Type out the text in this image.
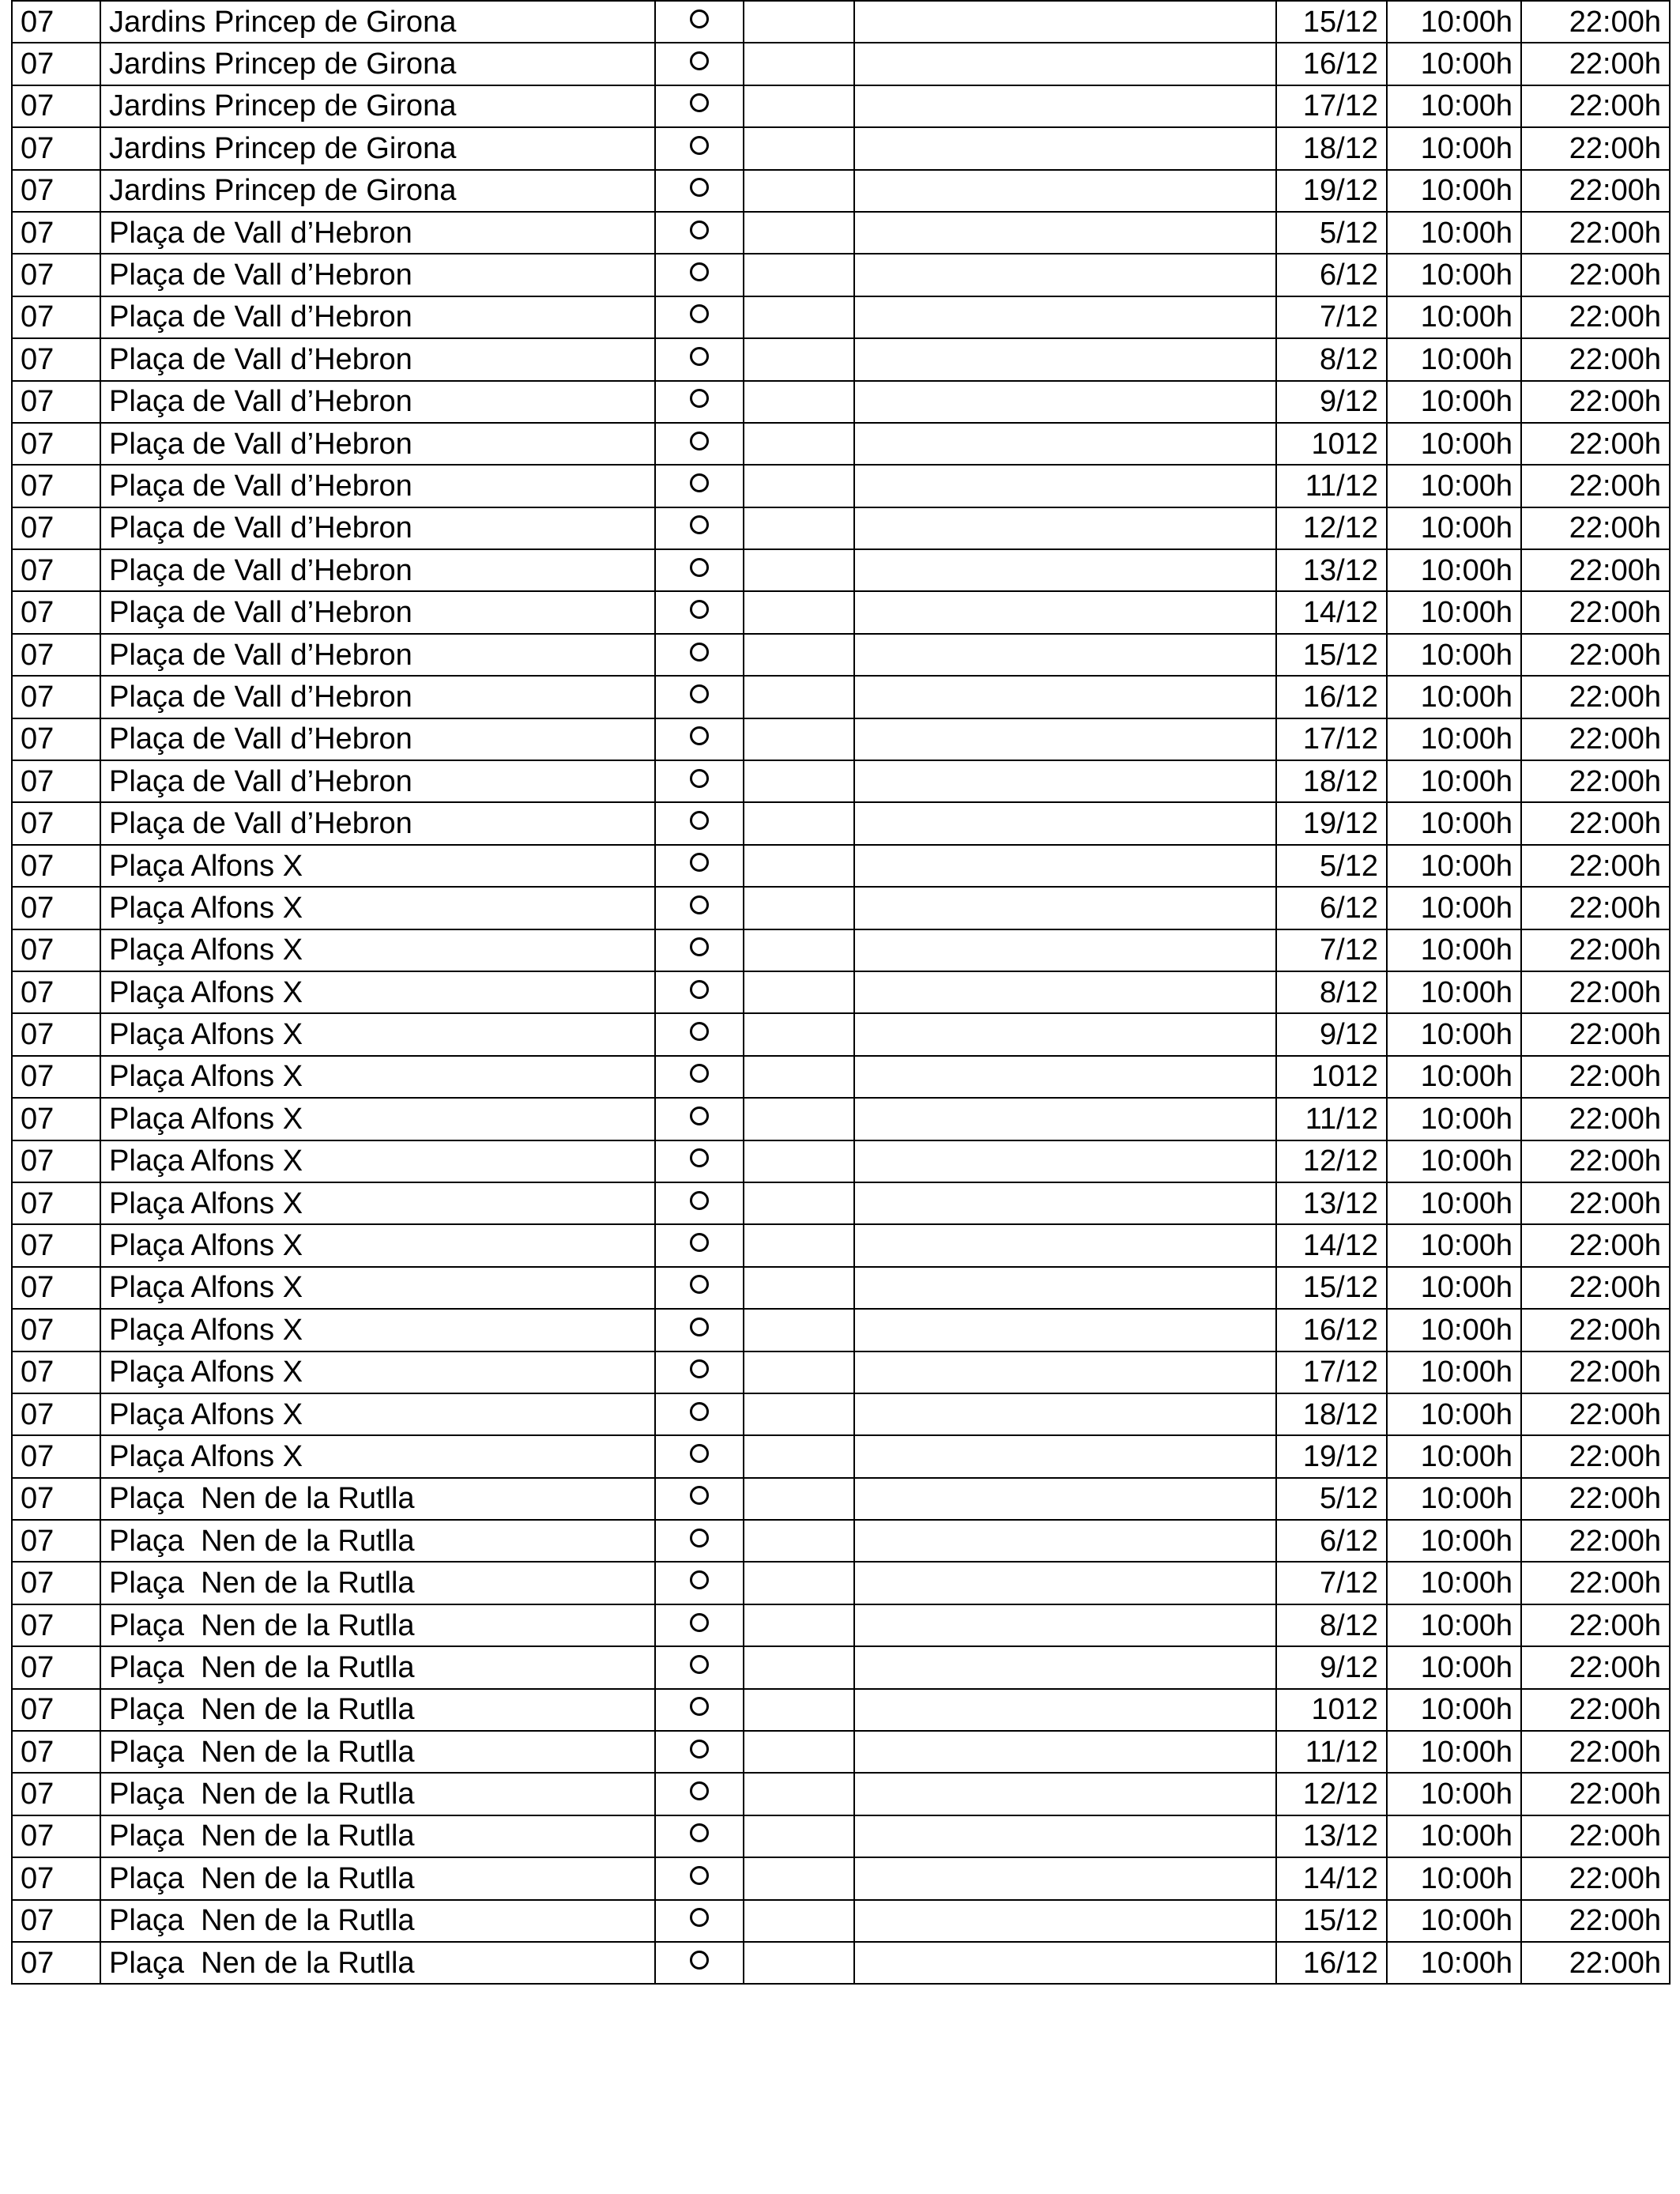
07	Jardins Princep de Girona				15/12	10:00h	22:00h
07	Jardins Princep de Girona				16/12	10:00h	22:00h
07	Jardins Princep de Girona				17/12	10:00h	22:00h
07	Jardins Princep de Girona				18/12	10:00h	22:00h
07	Jardins Princep de Girona				19/12	10:00h	22:00h
07	Plaça de Vall d’Hebron				5/12	10:00h	22:00h
07	Plaça de Vall d’Hebron				6/12	10:00h	22:00h
07	Plaça de Vall d’Hebron				7/12	10:00h	22:00h
07	Plaça de Vall d’Hebron				8/12	10:00h	22:00h
07	Plaça de Vall d’Hebron				9/12	10:00h	22:00h
07	Plaça de Vall d’Hebron				1012	10:00h	22:00h
07	Plaça de Vall d’Hebron				11/12	10:00h	22:00h
07	Plaça de Vall d’Hebron				12/12	10:00h	22:00h
07	Plaça de Vall d’Hebron				13/12	10:00h	22:00h
07	Plaça de Vall d’Hebron				14/12	10:00h	22:00h
07	Plaça de Vall d’Hebron				15/12	10:00h	22:00h
07	Plaça de Vall d’Hebron				16/12	10:00h	22:00h
07	Plaça de Vall d’Hebron				17/12	10:00h	22:00h
07	Plaça de Vall d’Hebron				18/12	10:00h	22:00h
07	Plaça de Vall d’Hebron				19/12	10:00h	22:00h
07	Plaça Alfons X				5/12	10:00h	22:00h
07	Plaça Alfons X				6/12	10:00h	22:00h
07	Plaça Alfons X				7/12	10:00h	22:00h
07	Plaça Alfons X				8/12	10:00h	22:00h
07	Plaça Alfons X				9/12	10:00h	22:00h
07	Plaça Alfons X				1012	10:00h	22:00h
07	Plaça Alfons X				11/12	10:00h	22:00h
07	Plaça Alfons X				12/12	10:00h	22:00h
07	Plaça Alfons X				13/12	10:00h	22:00h
07	Plaça Alfons X				14/12	10:00h	22:00h
07	Plaça Alfons X				15/12	10:00h	22:00h
07	Plaça Alfons X				16/12	10:00h	22:00h
07	Plaça Alfons X				17/12	10:00h	22:00h
07	Plaça Alfons X				18/12	10:00h	22:00h
07	Plaça Alfons X				19/12	10:00h	22:00h
07	Plaça  Nen de la Rutlla				5/12	10:00h	22:00h
07	Plaça  Nen de la Rutlla				6/12	10:00h	22:00h
07	Plaça  Nen de la Rutlla				7/12	10:00h	22:00h
07	Plaça  Nen de la Rutlla				8/12	10:00h	22:00h
07	Plaça  Nen de la Rutlla				9/12	10:00h	22:00h
07	Plaça  Nen de la Rutlla				1012	10:00h	22:00h
07	Plaça  Nen de la Rutlla				11/12	10:00h	22:00h
07	Plaça  Nen de la Rutlla				12/12	10:00h	22:00h
07	Plaça  Nen de la Rutlla				13/12	10:00h	22:00h
07	Plaça  Nen de la Rutlla				14/12	10:00h	22:00h
07	Plaça  Nen de la Rutlla				15/12	10:00h	22:00h
07	Plaça  Nen de la Rutlla				16/12	10:00h	22:00h
